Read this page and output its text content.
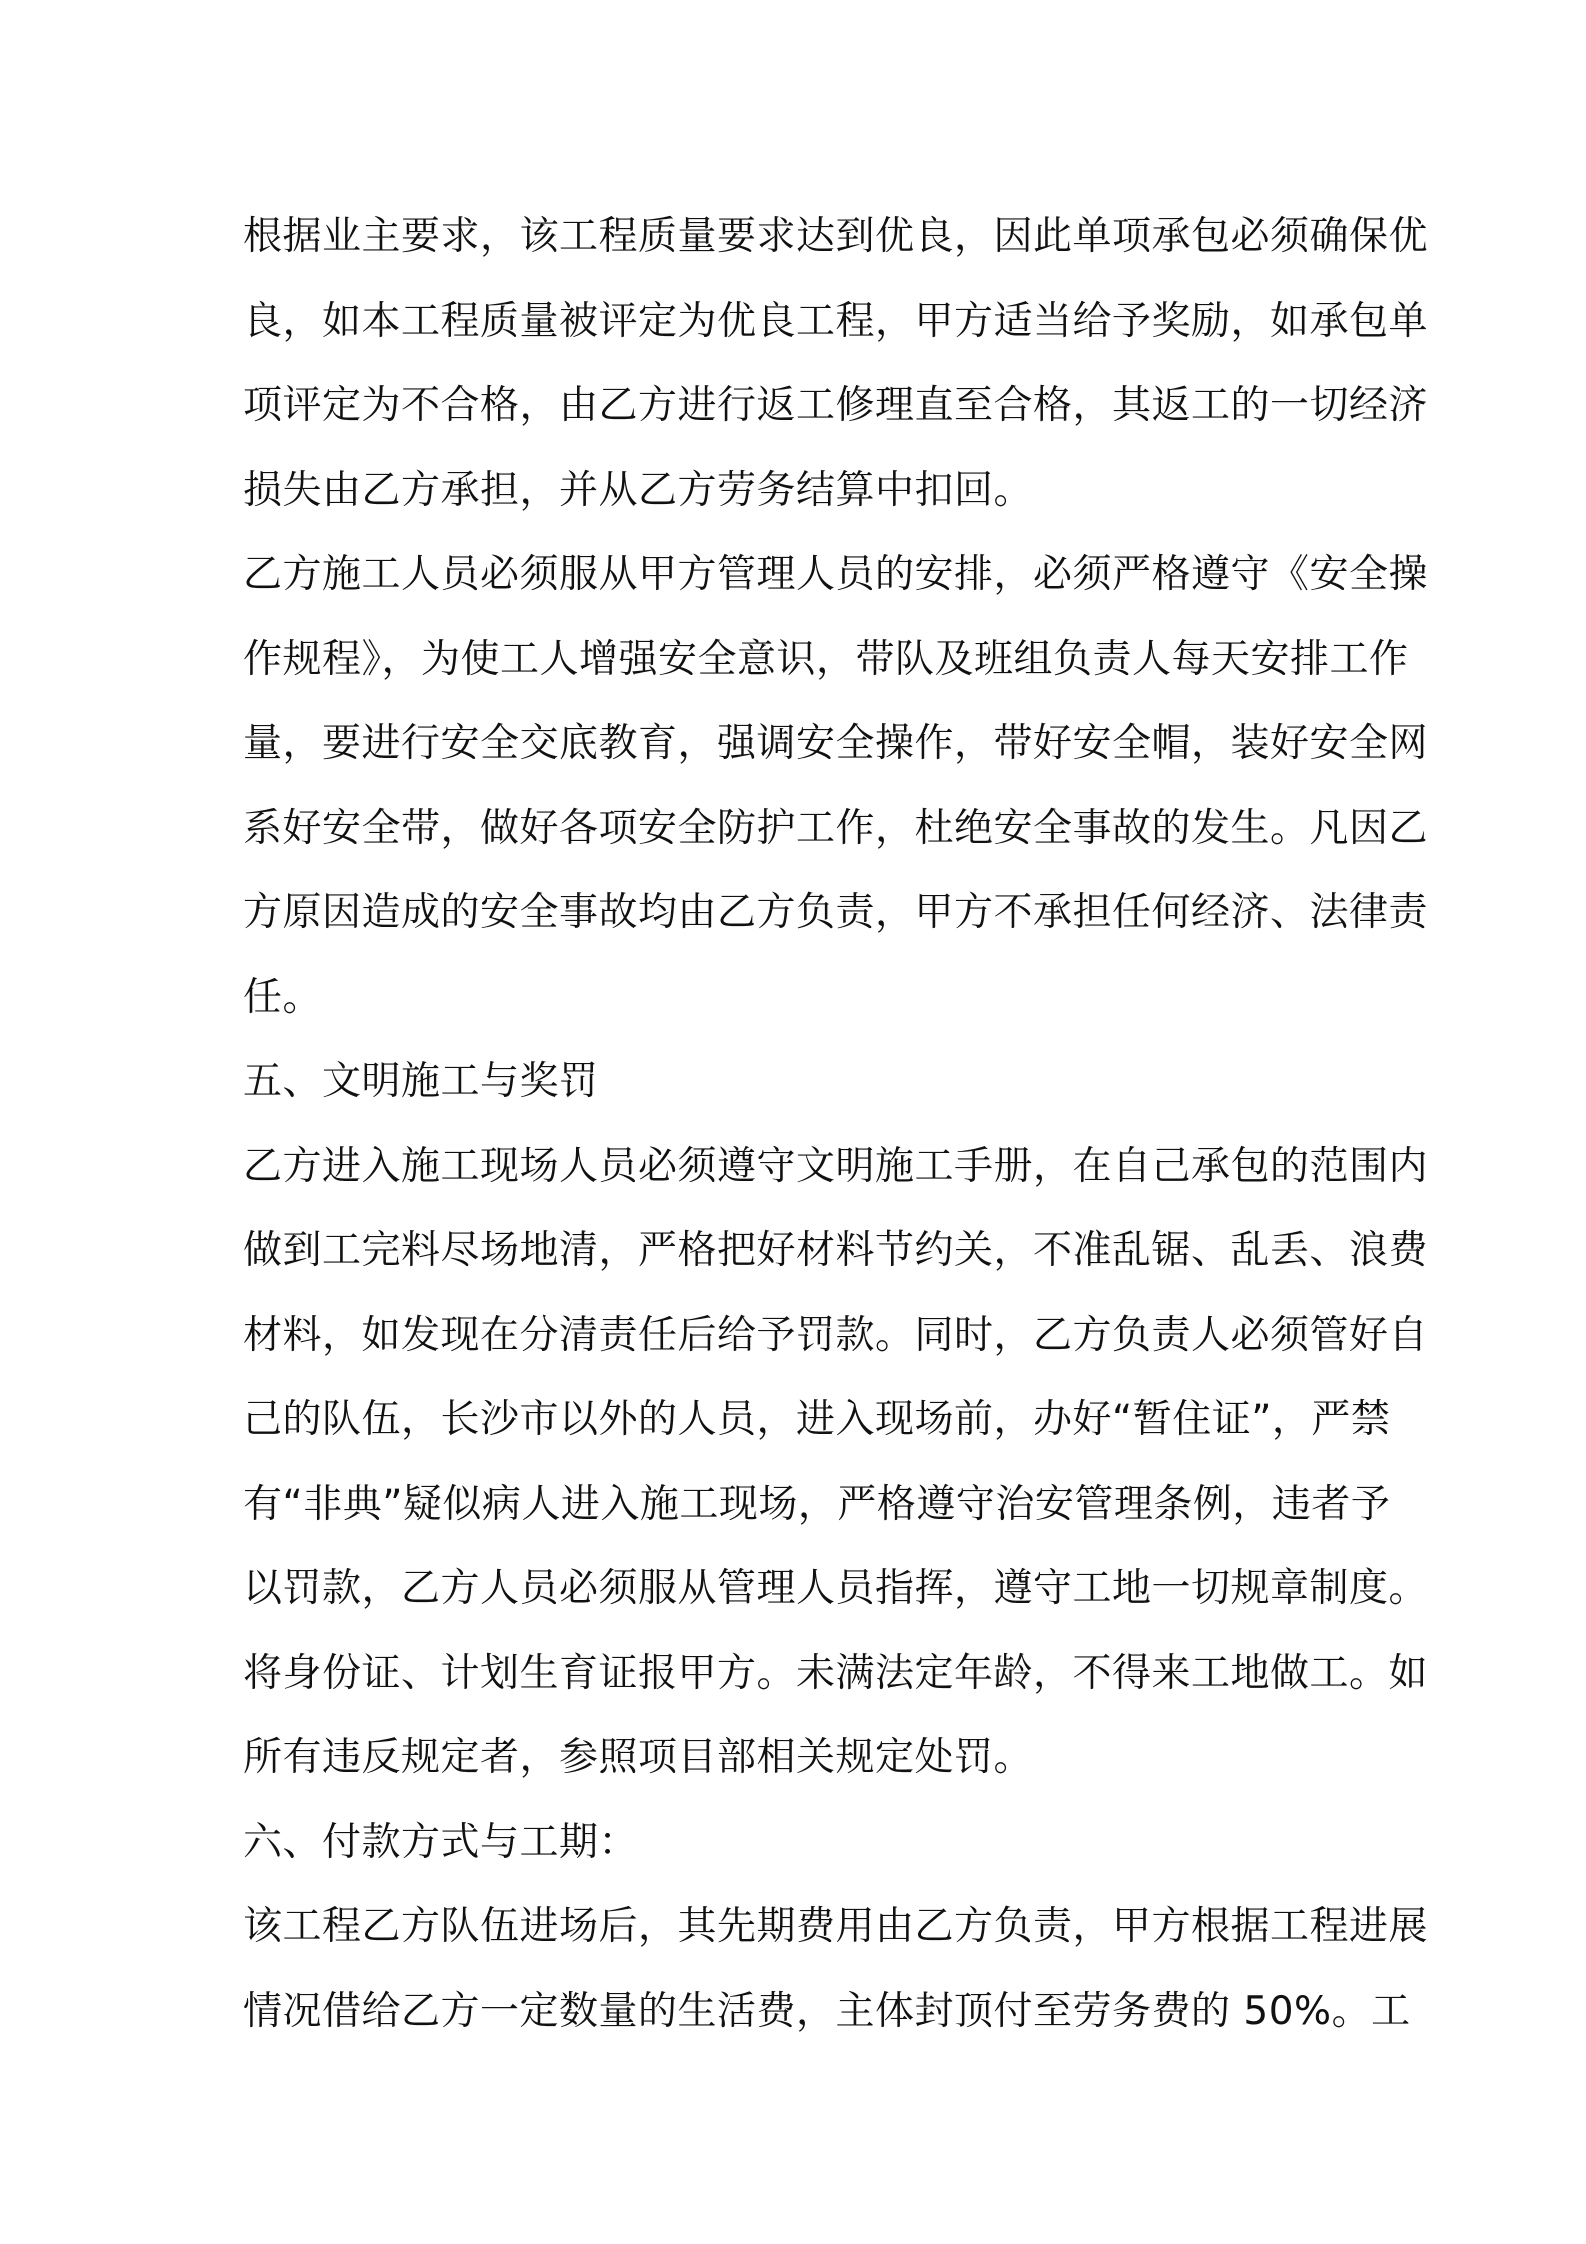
根据业主要求，该工程质量要求达到优良，因此单项承包必须确保优
良，如本工程质量被评定为优良工程，甲方适当给予奖励，如承包单
项评定为不合格，由乙方进行返工修理直至合格，其返工的一切经济
损失由乙方承担，并从乙方劳务结算中扣回。
乙方施工人员必须服从甲方管理人员的安排，必须严格遵守《安全操
作规程》，为使工人增强安全意识，带队及班组负责人每天安排工作
量，要进行安全交底教育，强调安全操作，带好安全帽，装好安全网
系好安全带，做好各项安全防护工作，杜绝安全事故的发生。凡因乙
方原因造成的安全事故均由乙方负责，甲方不承担任何经济、法律责
任。
五、文明施工与奖罚
乙方进入施工现场人员必须遵守文明施工手册，在自己承包的范围内
做到工完料尽场地清，严格把好材料节约关，不准乱锯、乱丢、浪费
材料，如发现在分清责任后给予罚款。同时，乙方负责人必须管好自
己的队伍，长沙市以外的人员，进入现场前，办好“暂住证”，严禁
有“非典”疑似病人进入施工现场，严格遵守治安管理条例，违者予
以罚款，乙方人员必须服从管理人员指挥，遵守工地一切规章制度。
将身份证、计划生育证报甲方。未满法定年龄，不得来工地做工。如
所有违反规定者，参照项目部相关规定处罚。
六、付款方式与工期：
该工程乙方队伍进场后，其先期费用由乙方负责，甲方根据工程进展
情况借给乙方一定数量的生活费，主体封顶付至劳务费的 50%。工
